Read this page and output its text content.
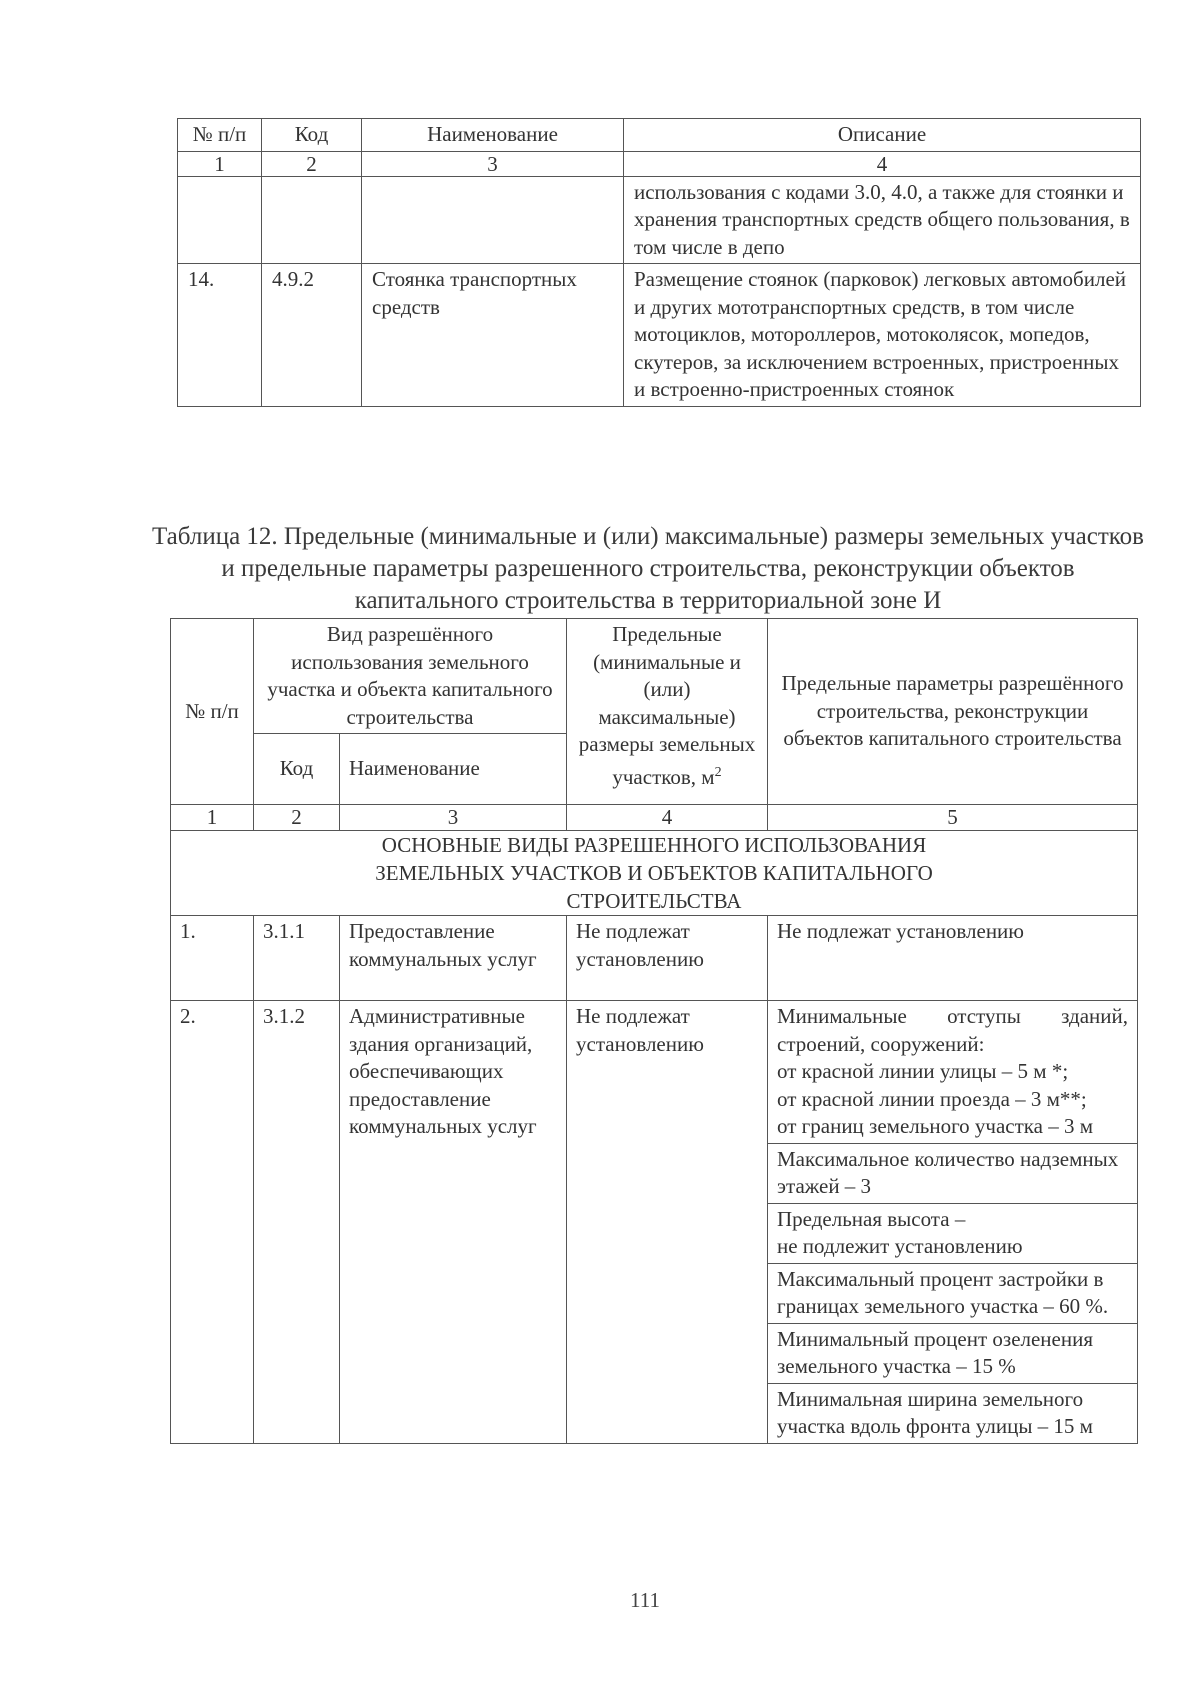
№ п/п	Код	Наименование	Описание
1	2	3	4
			использования с кодами 3.0, 4.0, а также для стоянки и хранения транспортных средств общего пользования, в том числе в депо
14.	4.9.2	Стоянка транспортных средств	Размещение стоянок (парковок) легковых автомобилей и других мототранспортных средств, в том числе мотоциклов, мотороллеров, мотоколясок, мопедов, скутеров, за исключением встроенных, пристроенных и встроенно-пристроенных стоянок
Таблица 12. Предельные (минимальные и (или) максимальные) размеры земельных участков и предельные параметры разрешенного строительства, реконструкции объектов капитального строительства в территориальной зоне И
№ п/п	Вид разрешённого использования земельного участка и объекта капитального строительства		Предельные (минимальные и (или) максимальные) размеры земельных участков, $м^2$	Предельные параметры разрешённого строительства, реконструкции объектов капитального строительства
	Код	Наименование		
1	2	3	4	5
ОСНОВНЫЕ ВИДЫ РАЗРЕШЕННОГО ИСПОЛЬЗОВАНИЯ ЗЕМЕЛЬНЫХ УЧАСТКОВ И ОБЪЕКТОВ КАПИТАЛЬНОГО СТРОИТЕЛЬСТВА				
1.	3.1.1	Предоставление коммунальных услуг	Не подлежат установлению	Не подлежат установлению
2.	3.1.2	Административные здания организаций, обеспечивающих предоставление коммунальных услуг	Не подлежат установлению	Минимальные отступы зданий, строений, сооружений:
от красной линии улицы – 5 м *;
от красной линии проезда – 3 м**;
от границ земельного участка – 3 м

				Максимальное количество надземных этажей – 3

				Предельная высота –
не подлежит установлению

				Максимальный процент застройки в границах земельного участка – 60 %.
				Минимальный процент озеленения земельного участка – 15 %
				Минимальная ширина земельного участка вдоль фронта улицы – 15 м
111
